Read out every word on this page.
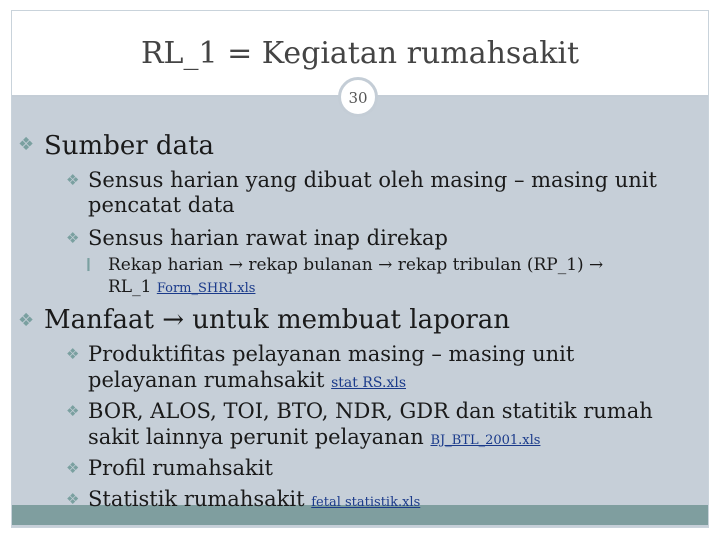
RL_1 = Kegiatan rumahsakit
30
❖ Sumber data
❖ Sensus harian yang dibuat oleh masing – masing unit
pencatat data
❖ Sensus harian rawat inap direkap
❙ Rekap harian → rekap bulanan → rekap tribulan (RP_1) →
RL_1 Form_SHRI.xls
❖ Manfaat → untuk membuat laporan
❖ Produktifitas pelayanan masing – masing unit
pelayanan rumahsakit stat RS.xls
❖ BOR, ALOS, TOI, BTO, NDR, GDR dan statitik rumah
sakit lainnya perunit pelayanan BJ_BTL_2001.xls
❖ Profil rumahsakit
❖ Statistik rumahsakit fetal statistik.xls
